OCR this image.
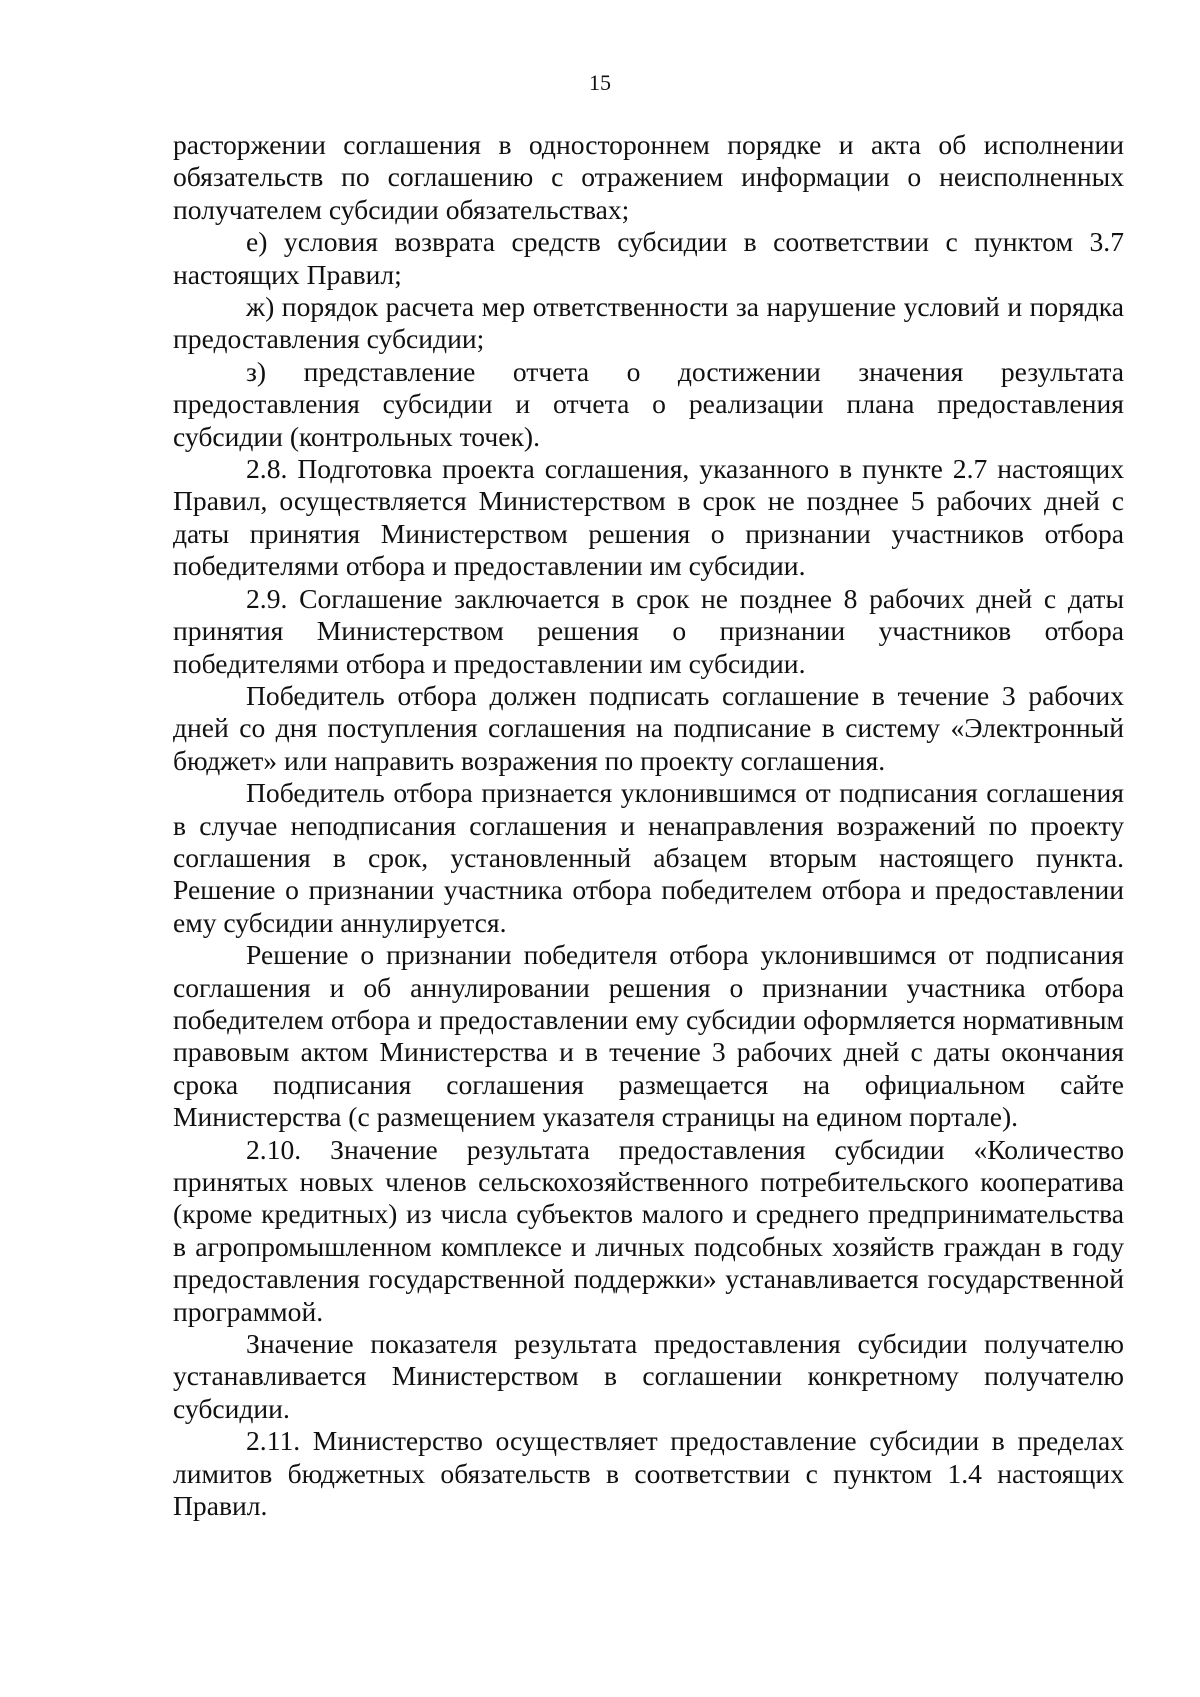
15

расторжении соглашения в одностороннем порядке и акта об исполнении обязательств по соглашению с отражением информации о неисполненных получателем субсидии обязательствах;

е) условия возврата средств субсидии в соответствии с пунктом 3.7 настоящих Правил;

ж) порядок расчета мер ответственности за нарушение условий и порядка предоставления субсидии;

з) представление отчета о достижении значения результата предоставления субсидии и отчета о реализации плана предоставления субсидии (контрольных точек).

2.8. Подготовка проекта соглашения, указанного в пункте 2.7 настоящих Правил, осуществляется Министерством в срок не позднее 5 рабочих дней с даты принятия Министерством решения о признании участников отбора победителями отбора и предоставлении им субсидии.

2.9. Соглашение заключается в срок не позднее 8 рабочих дней с даты принятия Министерством решения о признании участников отбора победителями отбора и предоставлении им субсидии.

Победитель отбора должен подписать соглашение в течение 3 рабочих дней со дня поступления соглашения на подписание в систему «Электронный бюджет» или направить возражения по проекту соглашения.

Победитель отбора признается уклонившимся от подписания соглашения в случае неподписания соглашения и ненаправления возражений по проекту соглашения в срок, установленный абзацем вторым настоящего пункта. Решение о признании участника отбора победителем отбора и предоставлении ему субсидии аннулируется.

Решение о признании победителя отбора уклонившимся от подписания соглашения и об аннулировании решения о признании участника отбора победителем отбора и предоставлении ему субсидии оформляется нормативным правовым актом Министерства и в течение 3 рабочих дней с даты окончания срока подписания соглашения размещается на официальном сайте Министерства (с размещением указателя страницы на едином портале).

2.10. Значение результата предоставления субсидии «Количество принятых новых членов сельскохозяйственного потребительского кооператива (кроме кредитных) из числа субъектов малого и среднего предпринимательства в агропромышленном комплексе и личных подсобных хозяйств граждан в году предоставления государственной поддержки» устанавливается государственной программой.

Значение показателя результата предоставления субсидии получателю устанавливается Министерством в соглашении конкретному получателю субсидии.

2.11. Министерство осуществляет предоставление субсидии в пределах лимитов бюджетных обязательств в соответствии с пунктом 1.4 настоящих Правил.
